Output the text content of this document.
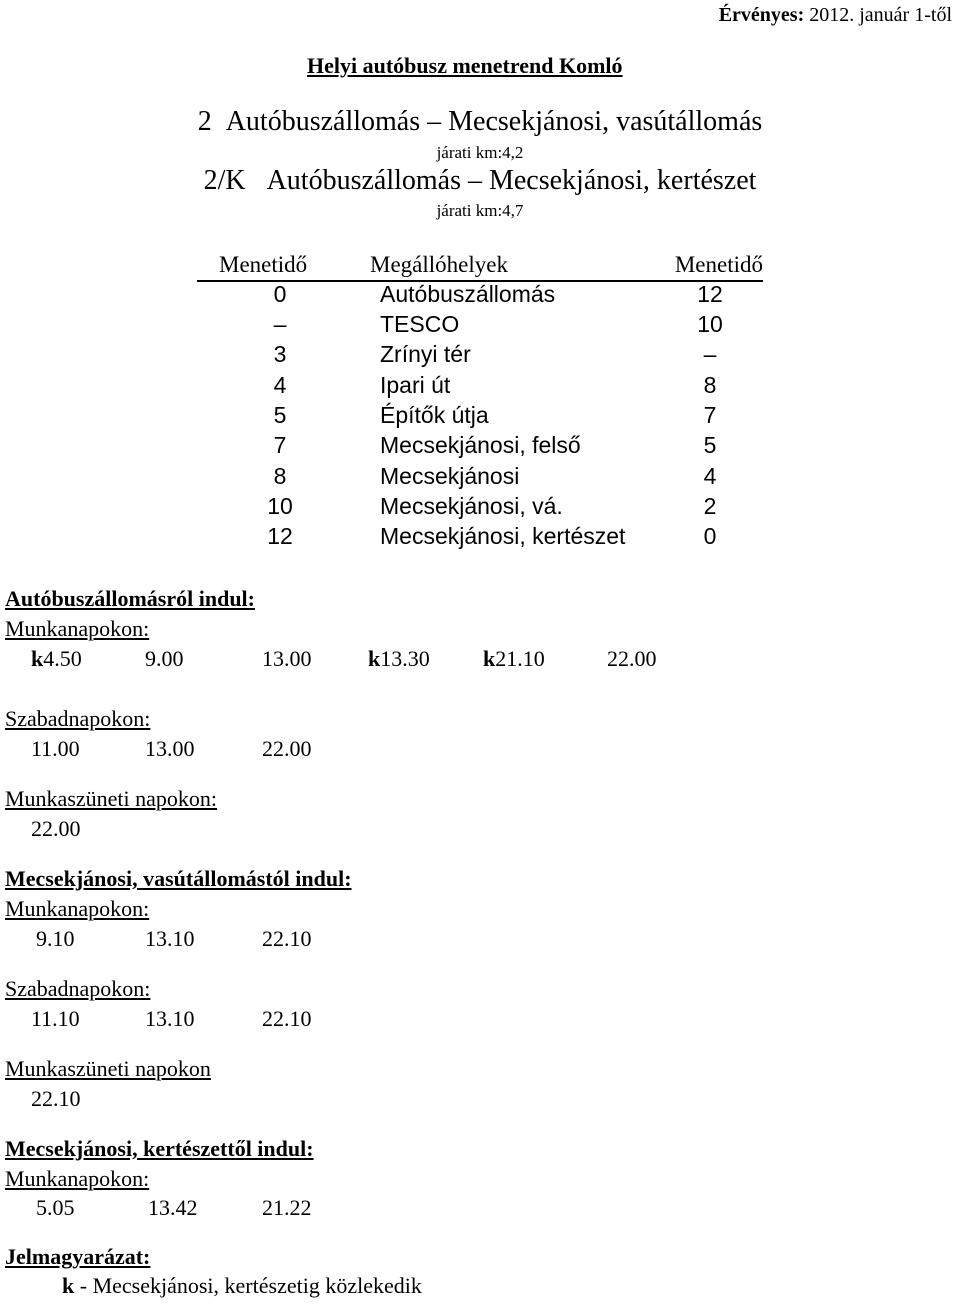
Érvényes: 2012. január 1-től
Helyi autóbusz menetrend Komló
2 Autóbuszállomás – Mecsekjánosi, vasútállomás
járati km:4,2
2/K Autóbuszállomás – Mecsekjánosi, kertészet
járati km:4,7
Menetidő	Megállóhelyek	Menetidő
0	Autóbuszállomás	12
–	TESCO	10
3	Zrínyi tér	–
4	Ipari út	8
5	Építők útja	7
7	Mecsekjánosi, felső	5
8	Mecsekjánosi	4
10	Mecsekjánosi, vá.	2
12	Mecsekjánosi, kertészet	0
Autóbuszállomásról indul:
Munkanapokon:
k4.50	9.00	13.00	k13.30 k21.10	22.00
Szabadnapokon:
11.00	13.00	22.00
Munkaszüneti napokon:
22.00
Mecsekjánosi, vasútállomástól indul:
Munkanapokon:
9.10	13.10	22.10
Szabadnapokon:
11.10	13.10	22.10
Munkaszüneti napokon
22.10
Mecsekjánosi, kertészettől indul:
Munkanapokon:
5.05	13.42	21.22
Jelmagyarázat:
k - Mecsekjánosi, kertészetig közlekedik
